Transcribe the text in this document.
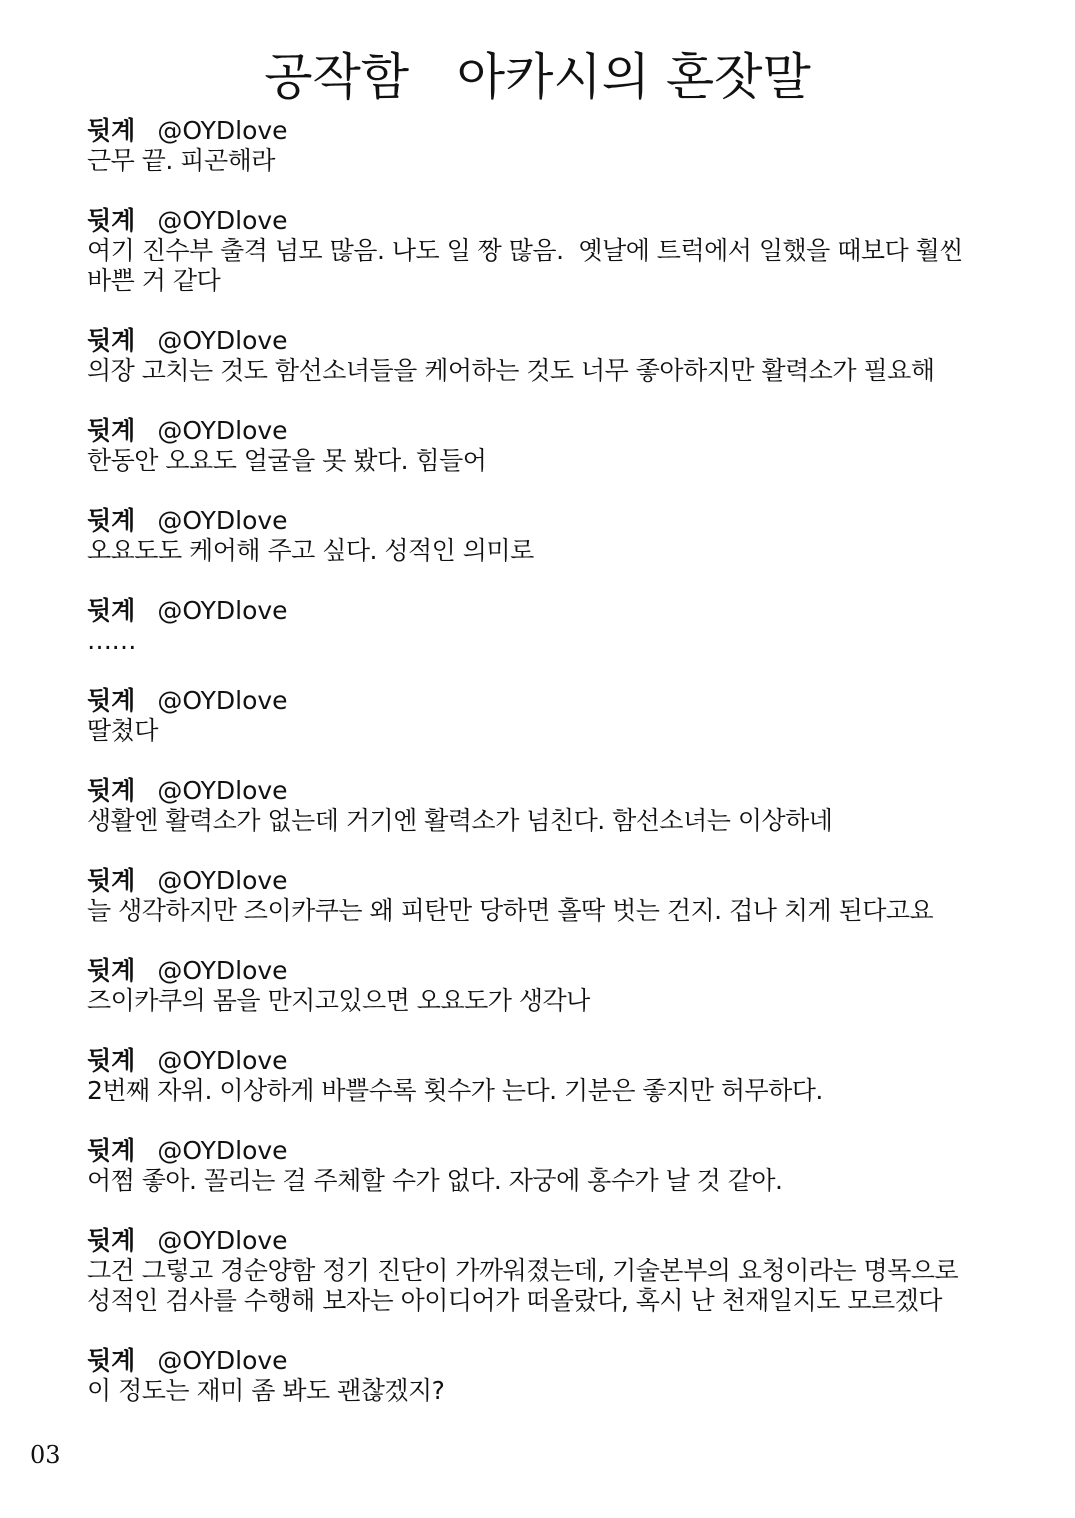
공작함   아카시의 혼잣말
뒷계 @OYDlove
근무 끝. 피곤해라
뒷계 @OYDlove
여기 진수부 출격 넘모 많음. 나도 일 짱 많음.  옛날에 트럭에서 일했을 때보다 훨씬
바쁜 거 같다
뒷계 @OYDlove
의장 고치는 것도 함선소녀들을 케어하는 것도 너무 좋아하지만 활력소가 필요해
뒷계 @OYDlove
한동안 오요도 얼굴을 못 봤다. 힘들어
뒷계 @OYDlove
오요도도 케어해 주고 싶다. 성적인 의미로
뒷계 @OYDlove
……
뒷계 @OYDlove
딸쳤다
뒷계 @OYDlove
생활엔 활력소가 없는데 거기엔 활력소가 넘친다. 함선소녀는 이상하네
뒷계 @OYDlove
늘 생각하지만 즈이카쿠는 왜 피탄만 당하면 홀딱 벗는 건지. 겁나 치게 된다고요
뒷계 @OYDlove
즈이카쿠의 몸을 만지고있으면 오요도가 생각나
뒷계 @OYDlove
2번째 자위. 이상하게 바쁠수록 횟수가 는다. 기분은 좋지만 허무하다.
뒷계 @OYDlove
어쩜 좋아. 꼴리는 걸 주체할 수가 없다. 자궁에 홍수가 날 것 같아.
뒷계 @OYDlove
그건 그렇고 경순양함 정기 진단이 가까워졌는데, 기술본부의 요청이라는 명목으로
성적인 검사를 수행해 보자는 아이디어가 떠올랐다, 혹시 난 천재일지도 모르겠다
뒷계 @OYDlove
이 정도는 재미 좀 봐도 괜찮겠지?
03
